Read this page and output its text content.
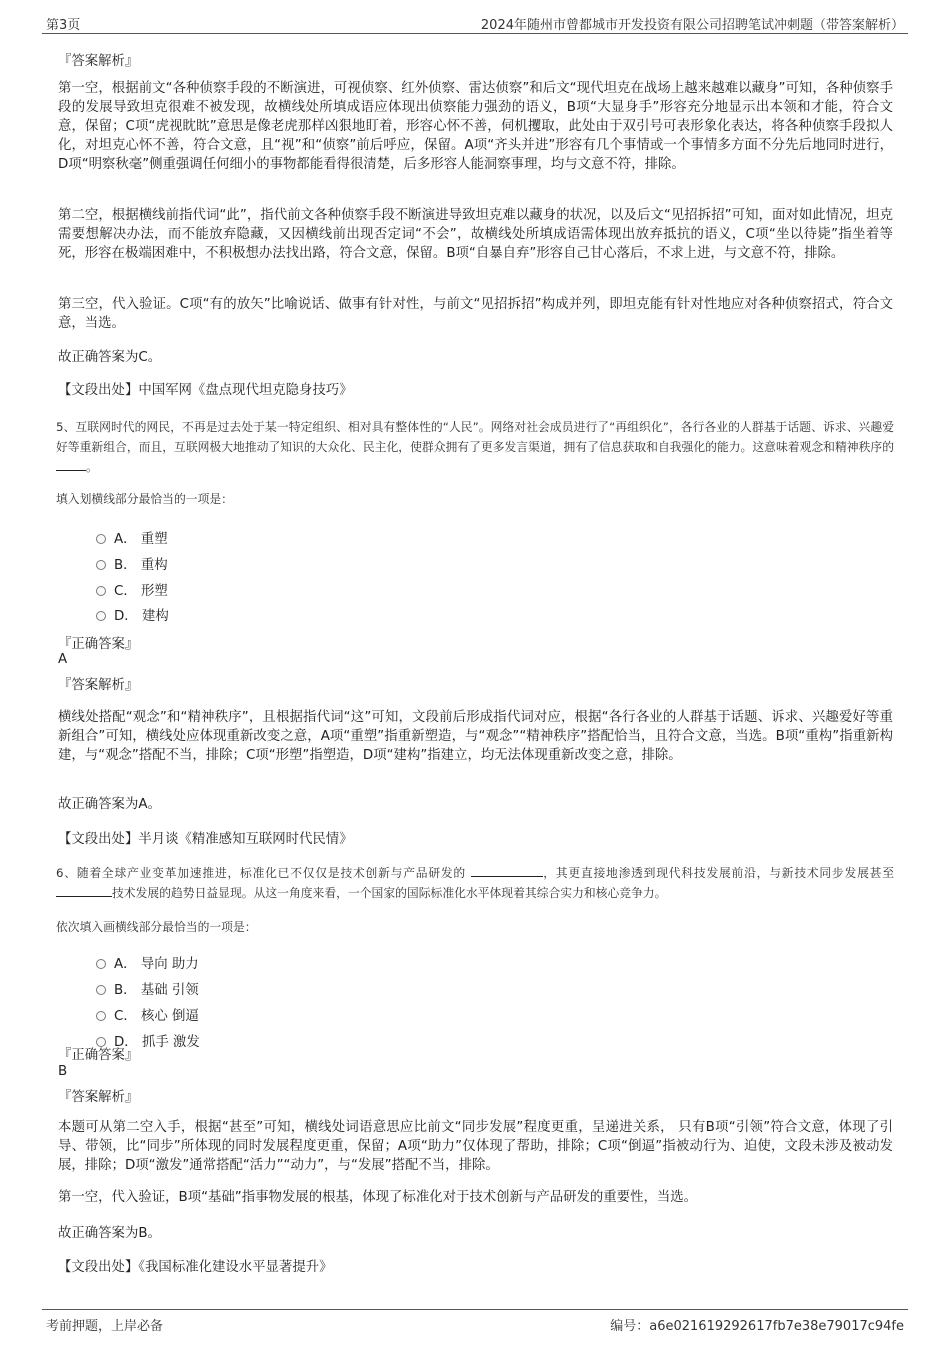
第3页	2024年随州市曾都城市开发投资有限公司招聘笔试冲刺题（带答案解析）
『答案解析』
第一空，根据前文“各种侦察手段的不断演进，可视侦察、红外侦察、雷达侦察”和后文“现代坦克在战场上越来越难以藏身”可知，各种侦察手段的发展导致坦克很难不被发现，故横线处所填成语应体现出侦察能力强劲的语义，B项“大显身手”形容充分地显示出本领和才能，符合文意，保留；C项“虎视眈眈”意思是像老虎那样凶狠地盯着，形容心怀不善，伺机攫取，此处由于双引号可表形象化表达，将各种侦察手段拟人化，对坦克心怀不善，符合文意，且“视”和“侦察”前后呼应，保留。A项“齐头并进”形容有几个事情或一个事情多方面不分先后地同时进行，D项“明察秋毫”侧重强调任何细小的事物都能看得很清楚，后多形容人能洞察事理，均与文意不符，排除。
第二空，根据横线前指代词“此”，指代前文各种侦察手段不断演进导致坦克难以藏身的状况，以及后文“见招拆招”可知，面对如此情况，坦克需要想解决办法，而不能放弃隐藏，又因横线前出现否定词“不会”，故横线处所填成语需体现出放弃抵抗的语义，C项“坐以待毙”指坐着等死，形容在极端困难中，不积极想办法找出路，符合文意，保留。B项“自暴自弃”形容自己甘心落后，不求上进，与文意不符，排除。
第三空，代入验证。C项“有的放矢”比喻说话、做事有针对性，与前文“见招拆招”构成并列，即坦克能有针对性地应对各种侦察招式，符合文意，当选。
故正确答案为C。
【文段出处】中国军网《盘点现代坦克隐身技巧》
5、互联网时代的网民，不再是过去处于某一特定组织、相对具有整体性的“人民”。网络对社会成员进行了“再组织化”，各行各业的人群基于话题、诉求、兴趣爱好等重新组合，而且，互联网极大地推动了知识的大众化、民主化，使群众拥有了更多发言渠道，拥有了信息获取和自我强化的能力。这意味着观念和精神秩序的。
填入划横线部分最恰当的一项是：
A． 重塑
B． 重构
C． 形塑
D． 建构
『正确答案』
A
『答案解析』
横线处搭配“观念”和“精神秩序”，且根据指代词“这”可知，文段前后形成指代词对应，根据“各行各业的人群基于话题、诉求、兴趣爱好等重新组合”可知，横线处应体现重新改变之意，A项“重塑”指重新塑造，与“观念”“精神秩序”搭配恰当，且符合文意，当选。B项“重构”指重新构建，与“观念”搭配不当，排除；C项“形塑”指塑造，D项“建构”指建立，均无法体现重新改变之意，排除。
故正确答案为A。
【文段出处】半月谈《精准感知互联网时代民情》
6、随着全球产业变革加速推进，标准化已不仅仅是技术创新与产品研发的	，其更直接地渗透到现代科技发展前沿，与新技术同步发展甚至 技术发展的趋势日益显现。从这一角度来看，一个国家的国际标准化水平体现着其综合实力和核心竞争力。
依次填入画横线部分最恰当的一项是：
A． 导向 助力
B． 基础 引领
C． 核心 倒逼
D． 抓手 激发
『正确答案』
B
『答案解析』
本题可从第二空入手，根据“甚至”可知，横线处词语意思应比前文“同步发展”程度更重，呈递进关系， 只有B项“引领”符合文意，体现了引导、带领，比“同步”所体现的同时发展程度更重，保留；A项“助力”仅体现了帮助，排除；C项“倒逼”指被动行为、迫使，文段未涉及被动发展，排除；D项“激发”通常搭配“活力”“动力”，与“发展”搭配不当，排除。
第一空，代入验证，B项“基础”指事物发展的根基，体现了标准化对于技术创新与产品研发的重要性，当选。
故正确答案为B。
【文段出处】《我国标准化建设水平显著提升》
考前押题，上岸必备	编号：a6e021619292617fb7e38e79017c94fe
